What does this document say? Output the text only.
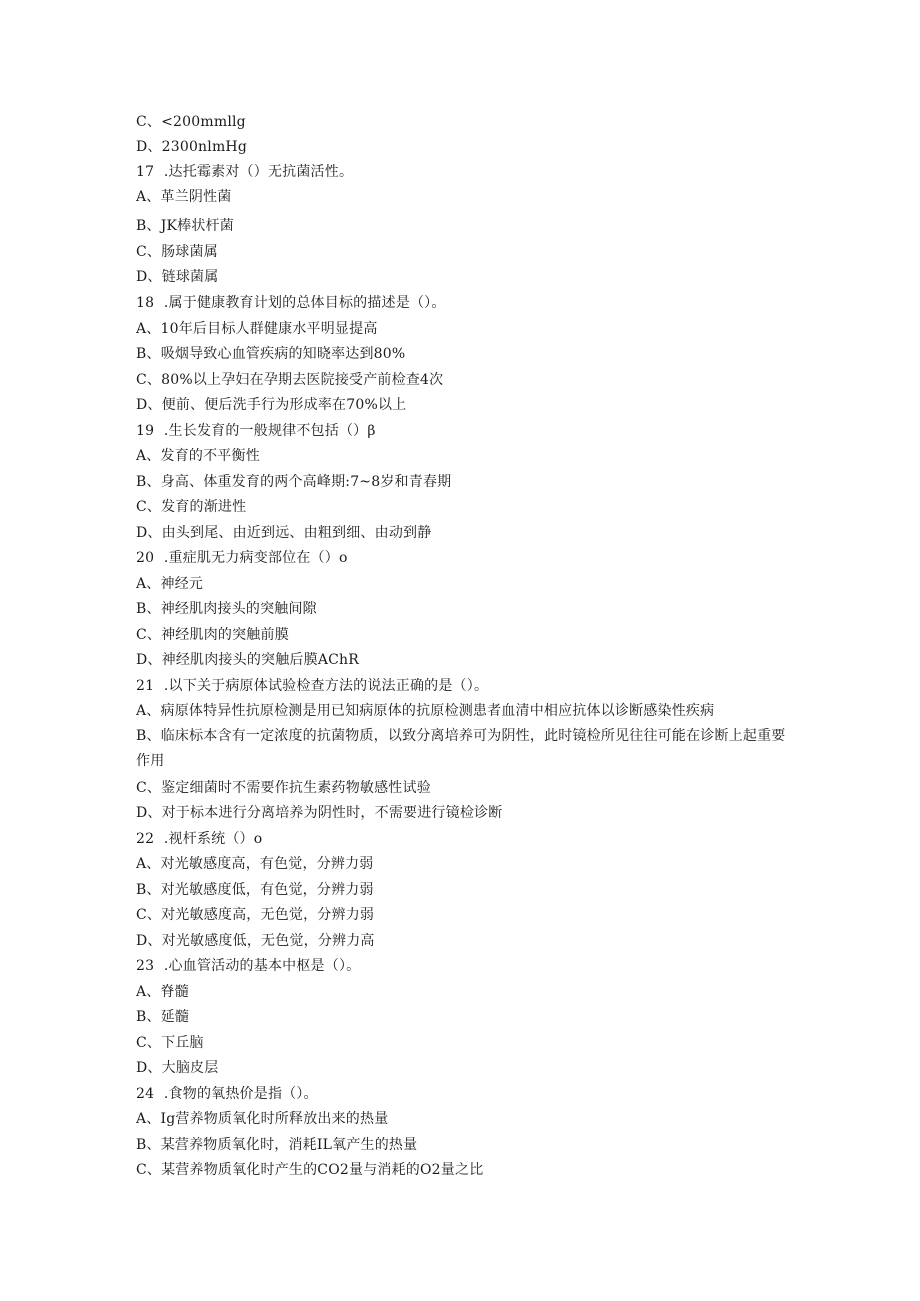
C、<200mmllg
D、2300nlmHg
17	.达托霉素对（）无抗菌活性。
A、革兰阴性菌
B、JK棒状杆菌
C、肠球菌属
D、链球菌属
18	.属于健康教育计划的总体目标的描述是（）。
A、10年后目标人群健康水平明显提高
B、吸烟导致心血管疾病的知晓率达到80%
C、80%以上孕妇在孕期去医院接受产前检查4次
D、便前、便后洗手行为形成率在70%以上
19	.生长发育的一般规律不包括（）β
A、发育的不平衡性
B、身高、体重发育的两个高峰期:7~8岁和青春期
C、发育的渐进性
D、由头到尾、由近到远、由粗到细、由动到静
20	.重症肌无力病变部位在（）o
A、神经元
B、神经肌肉接头的突触间隙
C、神经肌肉的突触前膜
D、神经肌肉接头的突触后膜AChR
21	.以下关于病原体试验检查方法的说法正确的是（）。
A、病原体特异性抗原检测是用已知病原体的抗原检测患者血清中相应抗体以诊断感染性疾病
B、临床标本含有一定浓度的抗菌物质，以致分离培养可为阴性，此时镜检所见往往可能在诊断上起重要作用
C、鉴定细菌时不需要作抗生素药物敏感性试验
D、对于标本进行分离培养为阴性时，不需要进行镜检诊断
22	.视杆系统（）o
A、对光敏感度高，有色觉，分辨力弱
B、对光敏感度低，有色觉，分辨力弱
C、对光敏感度高，无色觉，分辨力弱
D、对光敏感度低，无色觉，分辨力高
23	.心血管活动的基本中枢是（）。
A、脊髓
B、延髓
C、下丘脑
D、大脑皮层
24	.食物的氧热价是指（）。
A、Ig营养物质氧化时所释放出来的热量
B、某营养物质氧化时，消耗IL氧产生的热量
C、某营养物质氧化时产生的CO2量与消耗的O2量之比
